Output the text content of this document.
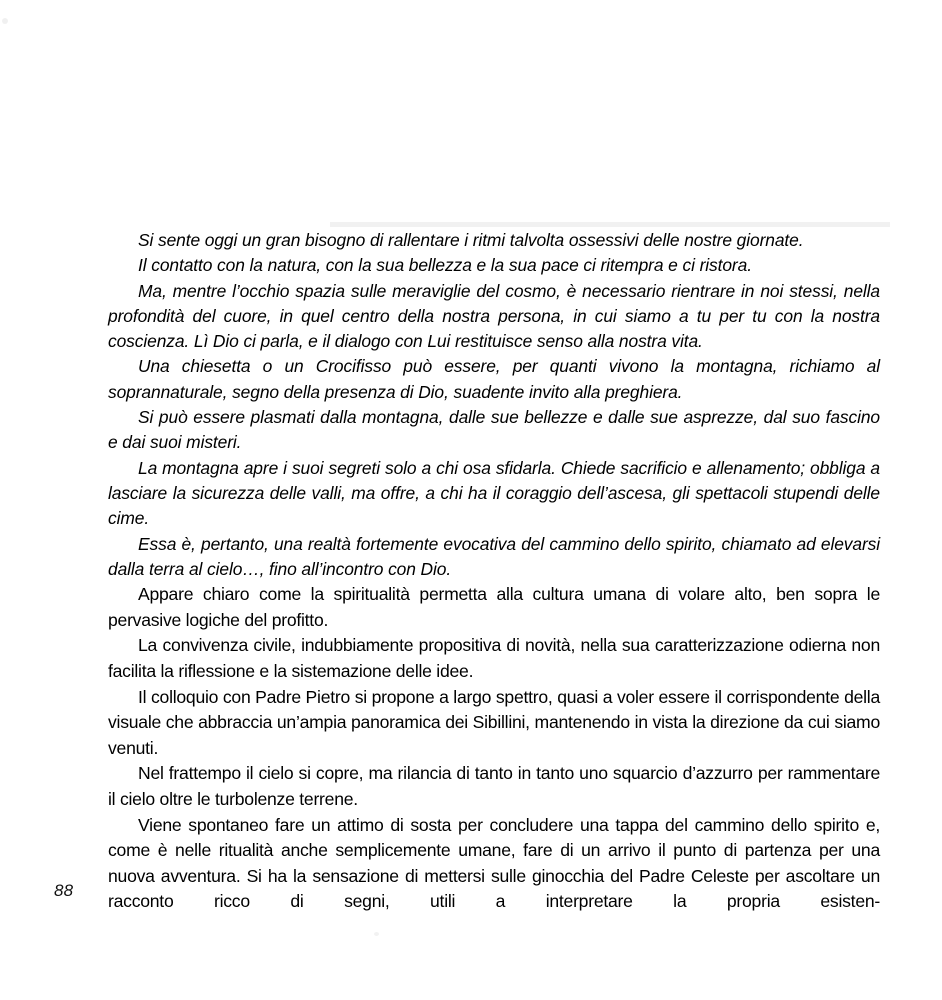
Si sente oggi un gran bisogno di rallentare i ritmi talvolta ossessivi delle nostre giornate.

Il contatto con la natura, con la sua bellezza e la sua pace ci ritempra e ci ristora.

Ma, mentre l’occhio spazia sulle meraviglie del cosmo, è necessario rientrare in noi stessi, nella profondità del cuore, in quel centro della nostra persona, in cui siamo a tu per tu con la nostra coscienza. Lì Dio ci parla, e il dialogo con Lui restituisce senso alla nostra vita.

Una chiesetta o un Crocifisso può essere, per quanti vivono la montagna, richiamo al soprannaturale, segno della presenza di Dio, suadente invito alla preghiera.

Si può essere plasmati dalla montagna, dalle sue bellezze e dalle sue asprezze, dal suo fascino e dai suoi misteri.

La montagna apre i suoi segreti solo a chi osa sfidarla. Chiede sacrificio e allenamento; obbliga a lasciare la sicurezza delle valli, ma offre, a chi ha il coraggio dell’ascesa, gli spettacoli stupendi delle cime.

Essa è, pertanto, una realtà fortemente evocativa del cammino dello spirito, chiamato ad elevarsi dalla terra al cielo…, fino all’incontro con Dio.

Appare chiaro come la spiritualità permetta alla cultura umana di volare alto, ben sopra le pervasive logiche del profitto.

La convivenza civile, indubbiamente propositiva di novità, nella sua caratterizzazione odierna non facilita la riflessione e la sistemazione delle idee.

Il colloquio con Padre Pietro si propone a largo spettro, quasi a voler essere il corrispondente della visuale che abbraccia un’ampia panoramica dei Sibillini, mantenendo in vista la direzione da cui siamo venuti.

Nel frattempo il cielo si copre, ma rilancia di tanto in tanto uno squarcio d’azzurro per rammentare il cielo oltre le turbolenze terrene.

Viene spontaneo fare un attimo di sosta per concludere una tappa del cammino dello spirito e, come è nelle ritualità anche semplicemente umane, fare di un arrivo il punto di partenza per una nuova avventura. Si ha la sensazione di mettersi sulle ginocchia del Padre Celeste per ascoltare un racconto ricco di segni, utili a interpretare la propria esisten-

88
